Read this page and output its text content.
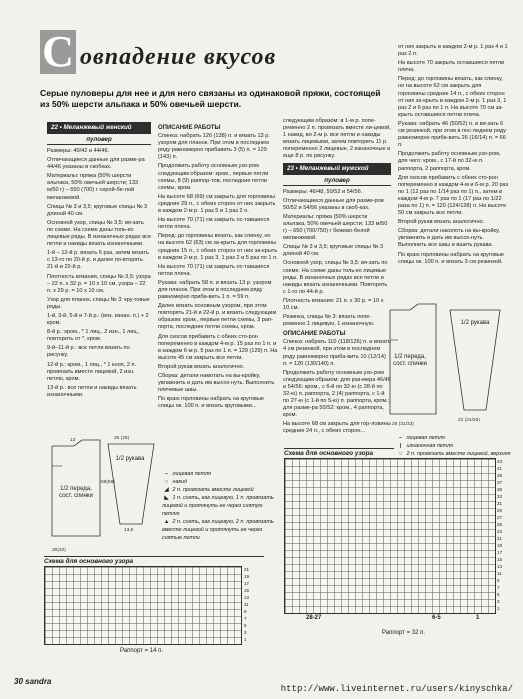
С овпадение вкусов
Серые пуловеры для нее и для него связаны из одинаковой пряжи, состоящей из 50% шерсти альпака и 50% овечьей шерсти.
22 • Меланжевый женский
пуловер

Размеры: 40/42 и 44/46.

Отличающиеся данные для разме-ра 44/46 указаны в скобках.

Материалы: пряжа (50% шерсти альпака, 50% овечьей шерсти; 133 м/50 г) – 650 (700) г серой-бе-лой меланжевой.

Спицы № 3 и 3,5; круговые спицы № 3 длиной 40 см.

Основной узор, спицы № 3,5: вя-зать по схеме. На схеме даны толь-ко лицевые ряды. В изнаночных рядах все петли и накиды вязать изнаночными.

1-й – 12-й р. вязать 6 раз, затем вязать с 13-го по 20-й р. и далее по-вторять 21-й и 22-й р.

Плотность вязания, спицы № 3,5: узора – 22 п. x 32 р. = 10 x 10 см, узора – 22 п. x 29 р. = 10 x 10 см.

Узор для планок, спицы № 3: кру-говые ряды.

1-й, 3-й, 5-й и 7-й р.: (вяз. изнан. п.) + 2 кром.

8-й р.: кром., * 1 лиц., 2 изн., 1 лиц., повторить от *, кром.

9-й–11-й р.: все петли вязать по рисунку.

12-й р.: кром., 1 лиц., * 1 кноп, 2 п. провязать вместе лицевой, 2 изн. петлю, кром.

13-й р.: все петли и накиды вязать изнаночными.

ОПИСАНИЕ РАБОТЫ

Спинка: набрать 126 (138) п. и вязать 13 р. узором для планок. При этом в последнем ряду равномерно прибавить 3 (5) п. = 129 (143) п.

Продолжить работу основным узо-ром следующим образом: кром., первые петли схемы, 8 (9) раппор-тов, последние петли схемы, кром.

На высоте 68 (69) см закрыть для горловины средние 29 п., с обеих сторон от них закрыть в каждом 2-м р. 1 раз 5 и 1 раз 2 п.

На высоте 70 (71) см закрыть ос-тавшиеся петли плеча.

Перед: до горловины вязать, как спинку, но на высоте 62 (63) см за-крыть для горловины средние 15 п., с обеих сторон от них за-крыть в каждом 2-м р. 1 раз 3, 1 раз 2 и 5 раз по 1 п.

На высоте 70 (71) см закрыть ос-тавшиеся петли плеча.

Рукава: набрать 58 п. и вязать 13 р. узором для планок. При этом в последнем ряду равномерно приба-вить 1 п. = 59 п.

Далее вязать основным узором, при этом повторять 21-й и 22-й р. и вязать следующим образом: кром., первые петли схемы, 3 рап-порта, последние петли схемы, кром.

Для скосов прибавить с обеих сто-рон попеременно в каждом 4-м р. 15 раз по 1 п. и в каждом 6-м р. 5 раз по 1 п. = 129 (129) п. На высоте 45 см закрыть все петли.

Второй рукав вязать аналогично.

Сборка: детали намотать на вы-кройку, увлажнить и дать им высох-нуть. Выполнить плечевые швы.

По краю горловины набрать на круговые спицы ок. 100 п. и вязать круговыми...

следующим образом: в 1-м р. попе-ременно 2 п. провязать вместе ли-цевой, 1 накид, во 2-м р. все петли и накиды вязать лицевыми, затем повторить 11 р. попеременно 2 лицевые, 2 изнаночные и еще 8 р. по рисунку.

23 • Меланжевый мужской
пуловер

Размеры: 46/48, 50/52 и 54/56.

Отличающиеся данные для разме-ров 50/52 и 54/56 указаны в скоб-ках.

Материалы: пряжа (50% шерсти альпака, 50% овечьей шерсти; 133 м/50 г) – 650 (700/750) г бежево-белой меланжевой.

Спицы № 3 и 3,5; круговые спицы № 3 длиной 40 см.

Основной узор, спицы № 3,5: вя-зать по схеме. На схеме даны толь-ко лицевые ряды. В изнаночных рядах все петли и накиды вязать изнаночными. Повторять с 1-го по 44-й р.

Плотность вязания: 21 п. x 30 р. = 10 x 10 см.

Резинка, спицы № 3: вязать попе-ременно 1 лицевую, 1 изнаночную.

ОПИСАНИЕ РАБОТЫ

Спинка: набрать 110 (118/126) п. и вязать 4 см резинкой, при этом в последнем ряду равномерно приба-вить 10 (12/14) п. = 120 (130/140) п.

Продолжить работу основным узо-ром следующим образом: для раз-мера 46/48 и 54/56: кром., с 6-й по 32-ю (с 28-й по 32-ю) п. раппорта, 2 (4) раппорта, с 1-й по 27-ю (с 1-й по 5-ю) п. раппорта, кром.; для разме-ра 50/52: кром., 4 раппорта, кром.

На высоте 68 см закрыть для гор-ловины средние 24 п., с обеих сторон...

от них закрыть в каждом 2-м р. 1 раз 4 и 1 раз 2 п.

На высоте 70 закрыть оставшиеся петли плеча.

Перед: до горловины вязать, как спинку, но на высоте 62 см закрыть для горловины средние 14 п., с обеих сторон от них за-крыть в каждом 2-м р. 1 раз 3, 1 раз 2 и 6 раз по 1 п. На высоте 70 см за-крыть оставшиеся петли плеча.

Рукава: набрать 46 (50/52) п. и вя-зать 6 см резинкой, при этом в пос-леднем ряду равномерно приба-вить 26 (16/14) п. = 66 п.

Продолжить работу основным узо-ром, для чего: кром., с 17-й по 32-ю п. раппорта, 2 раппорта, кром.

Для скосов прибавить с обеих сто-рон попеременно в каждом 4-м и 6-м р. 20 раз по 1 (12 раз по 1/14 раз по 1) п., затем в каждом 4-м р. 7 раз по 1 (17 раз по 1/22 раза по 1) п. = 120 (124/128) п. На высоте 50 см закрыть все петли.

Второй рукав вязать аналогично.

Сборка: детали наколоть на вы-кройку, увлажнить и дать им высох-нуть. Выполнить все швы и вшить рукава.

По краю горловины набрать на круговые спицы ок. 100 п. и вязать 3 см резинкой.

1/2 переда, сост. спинки
13
30(32)
68(69)
1/2 рукава
26 (28)
13,5
– лицевая петля
○ накид
◢ 2 п. провязать вместе лицевой
◣ 1 п. снять, как лицевую, 1 п. провязать лицевой и протянуть ее через снятую петлю
▲ 2 п. снять, как лицевую, 2 п. провязать вместе лицевой и протянуть ее через снятые петли
1/2 переда, сост. спинки
28 (31/33)
1/2 рукава
22 (24/25)
– лицевая петля
| изнаночная петля
○ 2 п. провязать вместе лицевой, верхняя
Схема для основного узора
21
19
17
15
13
11
9
7
5
3
1
Раппорт = 14 п.
Схема для основного узора
43
41
39
37
35
33
31
29
27
25
23
21
19
17
15
13
11
9
7
5
3
1
28-27	6-5	1
Раппорт = 32 п.
30 sandra
http://www.liveinternet.ru/users/kinyschka/
